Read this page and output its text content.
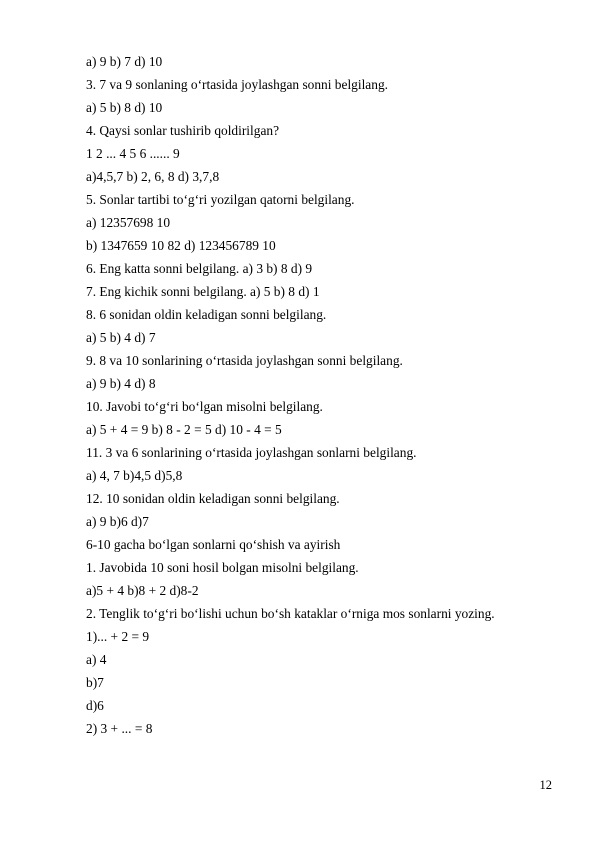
a) 9 b) 7 d) 10
3. 7 va 9 sonlaning o‘rtasida joylashgan sonni belgilang.
a) 5 b) 8 d) 10
4. Qaysi sonlar tushirib qoldirilgan?
1 2 ... 4 5 6 ...... 9
a)4,5,7 b) 2, 6, 8 d) 3,7,8
5. Sonlar tartibi to‘g‘ri yozilgan qatorni belgilang.
a) 12357698 10
b) 1347659 10 82 d) 123456789 10
6. Eng katta sonni belgilang. a) 3 b) 8 d) 9
7. Eng kichik sonni belgilang. a) 5 b) 8 d) 1
8. 6 sonidan oldin keladigan sonni belgilang.
a) 5 b) 4 d) 7
9. 8 va 10 sonlarining o‘rtasida joylashgan sonni belgilang.
a) 9 b) 4 d) 8
10. Javobi to‘g‘ri bo‘lgan misolni belgilang.
a) 5 + 4 = 9 b) 8 - 2 = 5 d) 10 - 4 = 5
11. 3 va 6 sonlarining o‘rtasida joylashgan sonlarni belgilang.
a) 4, 7 b)4,5 d)5,8
12. 10 sonidan oldin keladigan sonni belgilang.
a) 9 b)6 d)7
6-10 gacha bo‘lgan sonlarni qo‘shish va ayirish
1. Javobida 10 soni hosil bolgan misolni belgilang.
a)5 + 4 b)8 + 2 d)8-2
2. Tenglik to‘g‘ri bo‘lishi uchun bo‘sh kataklar o‘rniga mos sonlarni yozing.
1)... + 2 = 9
a) 4
b)7
d)6
2) 3 + ... = 8
12
